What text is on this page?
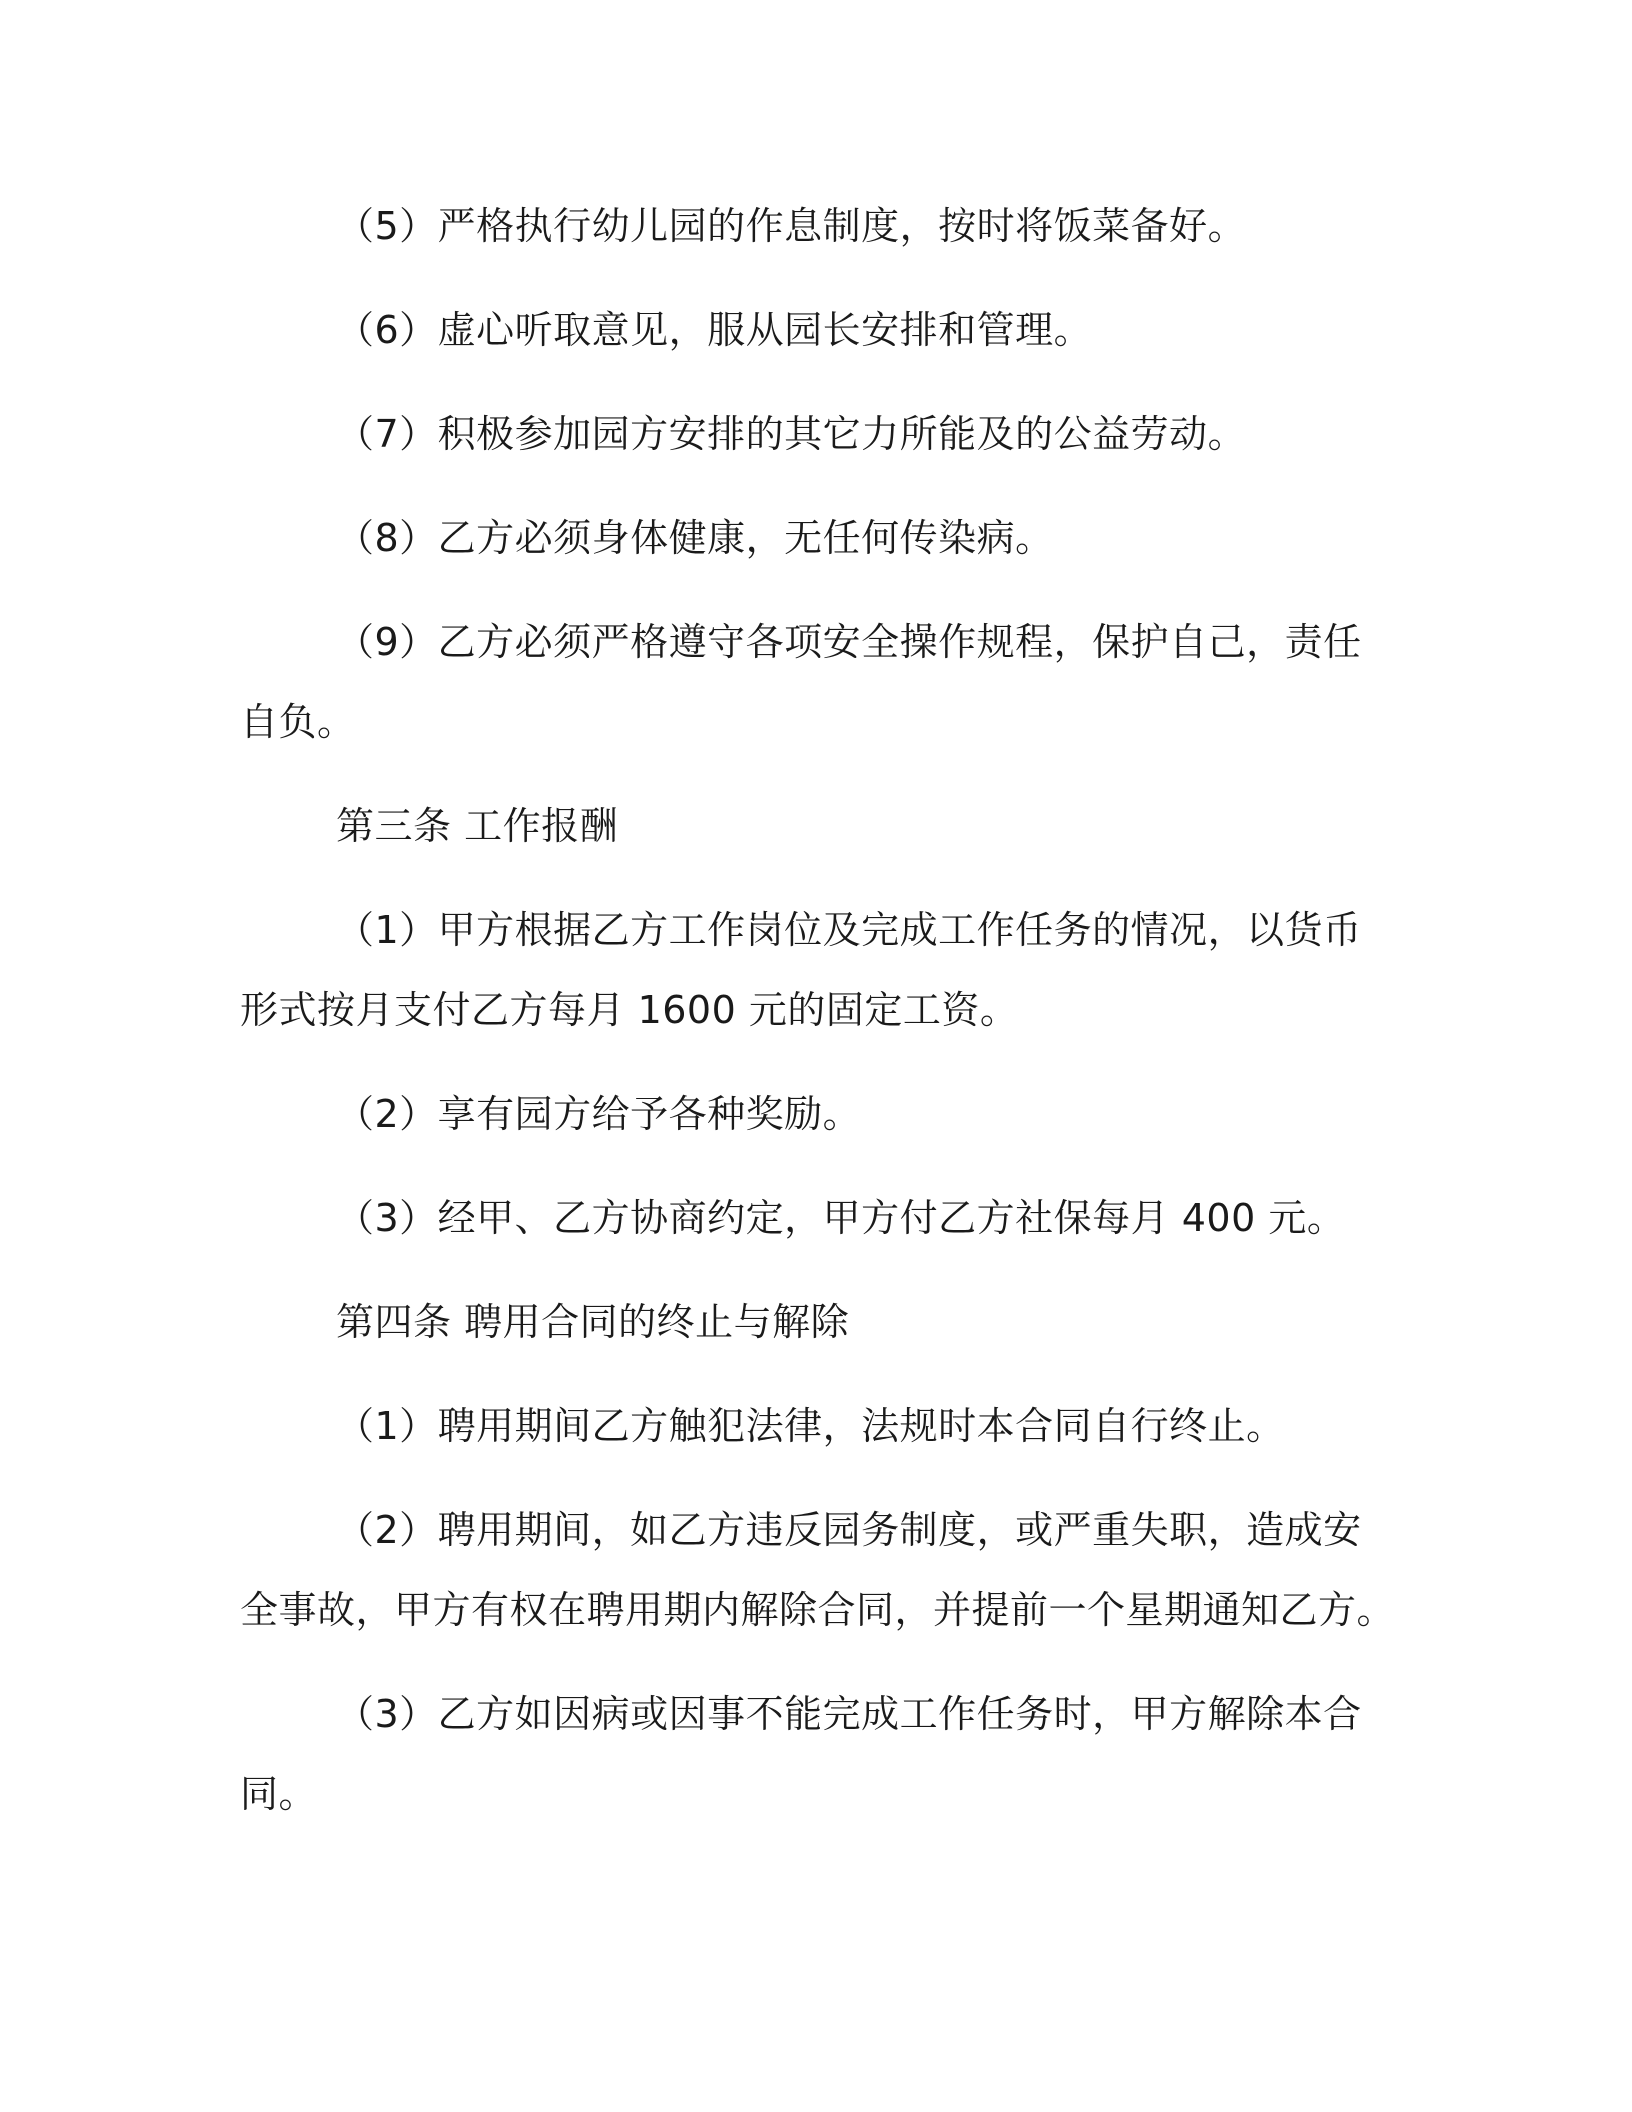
（5）严格执行幼儿园的作息制度，按时将饭菜备好。

（6）虚心听取意见，服从园长安排和管理。

（7）积极参加园方安排的其它力所能及的公益劳动。

（8）乙方必须身体健康，无任何传染病。

（9）乙方必须严格遵守各项安全操作规程，保护自己，责任自负。

第三条 工作报酬

（1）甲方根据乙方工作岗位及完成工作任务的情况，以货币形式按月支付乙方每月 1600 元的固定工资。

（2）享有园方给予各种奖励。

（3）经甲、乙方协商约定，甲方付乙方社保每月 400 元。

第四条 聘用合同的终止与解除

（1）聘用期间乙方触犯法律，法规时本合同自行终止。

（2）聘用期间，如乙方违反园务制度，或严重失职，造成安全事故，甲方有权在聘用期内解除合同，并提前一个星期通知乙方。

（3）乙方如因病或因事不能完成工作任务时，甲方解除本合同。
